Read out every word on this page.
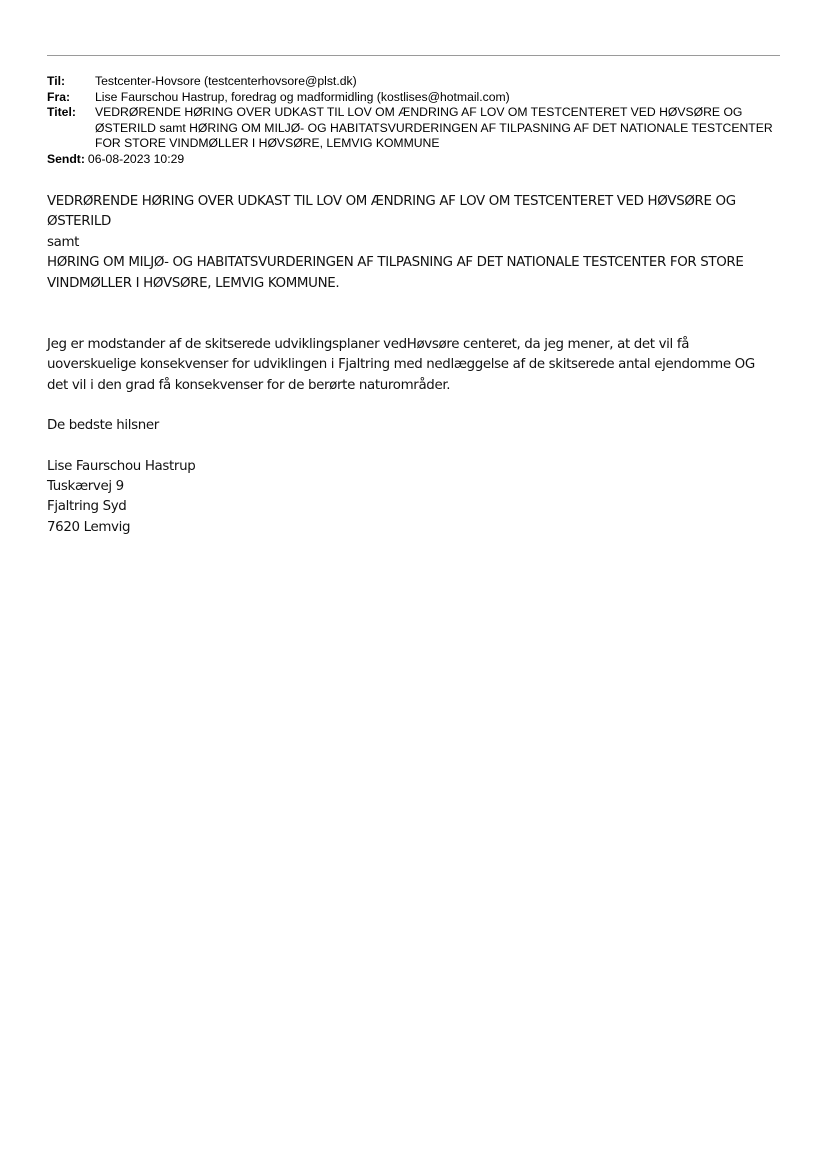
Til:	Testcenter-Hovsore (testcenterhovsore@plst.dk)
Fra:	Lise Faurschou Hastrup, foredrag og madformidling (kostlises@hotmail.com)
Titel:	VEDRØRENDE HØRING OVER UDKAST TIL LOV OM ÆNDRING AF LOV OM TESTCENTERET VED HØVSØRE OG ØSTERILD samt HØRING OM MILJØ- OG HABITATSVURDERINGEN AF TILPASNING AF DET NATIONALE TESTCENTER FOR STORE VINDMØLLER I HØVSØRE, LEMVIG KOMMUNE
Sendt: 06-08-2023 10:29

VEDRØRENDE HØRING OVER UDKAST TIL LOV OM ÆNDRING AF LOV OM TESTCENTERET VED HØVSØRE OG ØSTERILD

samt

HØRING OM MILJØ- OG HABITATSVURDERINGEN AF TILPASNING AF DET NATIONALE TESTCENTER FOR STORE VINDMØLLER I HØVSØRE, LEMVIG KOMMUNE.

Jeg er modstander af de skitserede udviklingsplaner vedHøvsøre centeret, da jeg mener, at det vil få uoverskuelige konsekvenser for udviklingen i Fjaltring med nedlæggelse af de skitserede antal ejendomme OG det vil i den grad få konsekvenser for de berørte naturområder.

De bedste hilsner

Lise Faurschou Hastrup

Tuskærvej 9

Fjaltring Syd

7620 Lemvig
